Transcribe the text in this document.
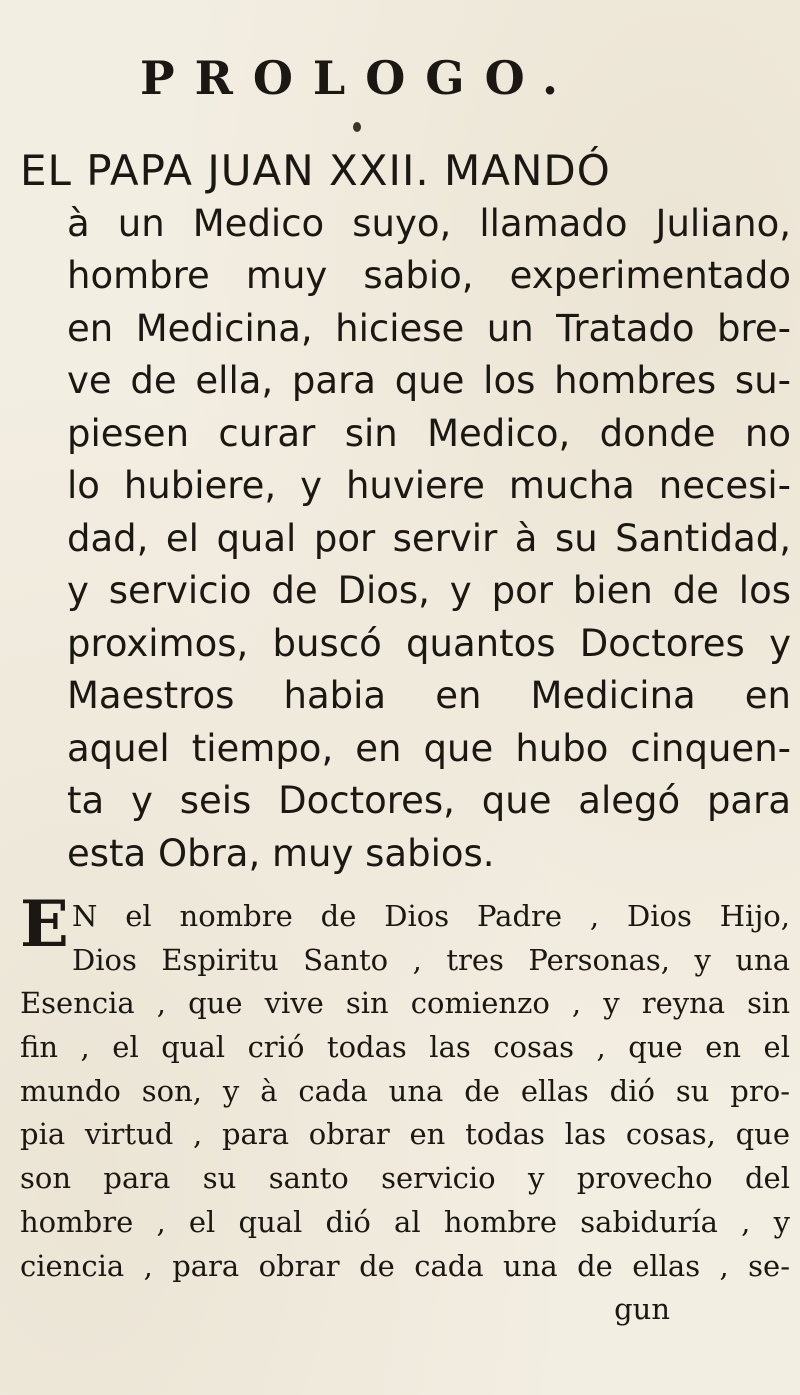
PROLOGO.
EL PAPA JUAN XXII. MANDÓ
à un Medico suyo, llamado Juliano,
hombre muy sabio, experimentado
en Medicina, hiciese un Tratado bre-
ve de ella, para que los hombres su-
piesen curar sin Medico, donde no
lo hubiere, y huviere mucha necesi-
dad, el qual por servir à su Santidad,
y servicio de Dios, y por bien de los
proximos, buscó quantos Doctores y
Maestros habia en Medicina en
aquel tiempo, en que hubo cinquen-
ta y seis Doctores, que alegó para
esta Obra, muy sabios.
E N el nombre de Dios Padre , Dios Hijo,
Dios Espiritu Santo , tres Personas, y una
Esencia , que vive sin comienzo , y reyna sin
fin , el qual crió todas las cosas , que en el
mundo son, y à cada una de ellas dió su pro-
pia virtud , para obrar en todas las cosas, que
son para su santo servicio y provecho del
hombre , el qual dió al hombre sabiduría , y
ciencia , para obrar de cada una de ellas , se-
gun
